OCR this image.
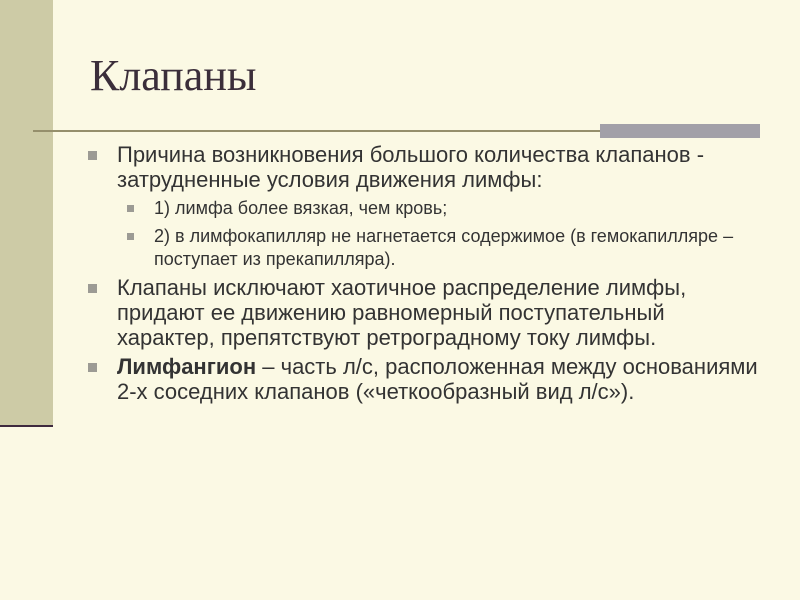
Клапаны
Причина возникновения большого количества клапанов - затрудненные условия движения лимфы:
1) лимфа более вязкая, чем кровь;
2) в лимфокапилляр не нагнетается содержимое (в гемокапилляре – поступает из прекапилляра).
Клапаны исключают хаотичное распределение лимфы, придают ее движению равномерный поступательный характер, препятствуют ретроградному току лимфы.
Лимфангион – часть л/с, расположенная между основаниями 2-х соседних клапанов («четкообразный вид л/с»).
